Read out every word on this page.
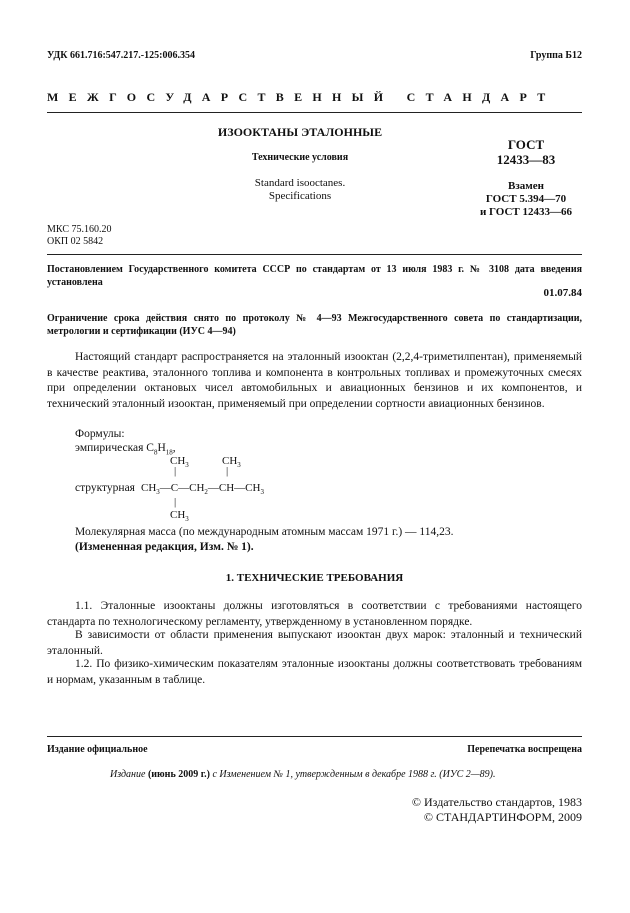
УДК 661.716:547.217.-125:006.354	Группа Б12
МЕЖГОСУДАРСТВЕННЫЙ СТАНДАРТ
ИЗООКТАНЫ ЭТАЛОННЫЕ
Технические условия
Standard isooctanes.
Specifications
ГОСТ
12433—83
Взамен
ГОСТ 5.394—70
и ГОСТ 12433—66
МКС 75.160.20
ОКП 02 5842
Постановлением Государственного комитета СССР по стандартам от 13 июля 1983 г. № 3108 дата введения установлена
01.07.84
Ограничение срока действия снято по протоколу № 4—93 Межгосударственного совета по стандартизации, метрологии и сертификации (ИУС 4—94)

Настоящий стандарт распространяется на эталонный изооктан (2,2,4-триметилпентан), применяемый в качестве реактива, эталонного топлива и компонента в контрольных топливах и промежуточных смесях при определении октановых чисел автомобильных и авиационных бензинов и их компонентов, и технический эталонный изооктан, применяемый при определении сортности авиационных бензинов.

Формулы:
эмпирическая $C_8H_{18}$,
$CH_3$	$CH_3$
|	|
структурная $CH_3—C—CH_2—CH—CH_3$
|
$CH_3$
Молекулярная масса (по международным атомным массам 1971 г.) — 114,23.
(Измененная редакция, Изм. № 1).
1. ТЕХНИЧЕСКИЕ ТРЕБОВАНИЯ

1.1. Эталонные изооктаны должны изготовляться в соответствии с требованиями настоящего стандарта по технологическому регламенту, утвержденному в установленном порядке.

В зависимости от области применения выпускают изооктан двух марок: эталонный и технический эталонный.

1.2. По физико-химическим показателям эталонные изооктаны должны соответствовать требованиям и нормам, указанным в таблице.

Издание официальное	Перепечатка воспрещена
Издание (июнь 2009 г.) с Изменением № 1, утвержденным в декабре 1988 г. (ИУС 2—89).
© Издательство стандартов, 1983
© СТАНДАРТИНФОРМ, 2009
